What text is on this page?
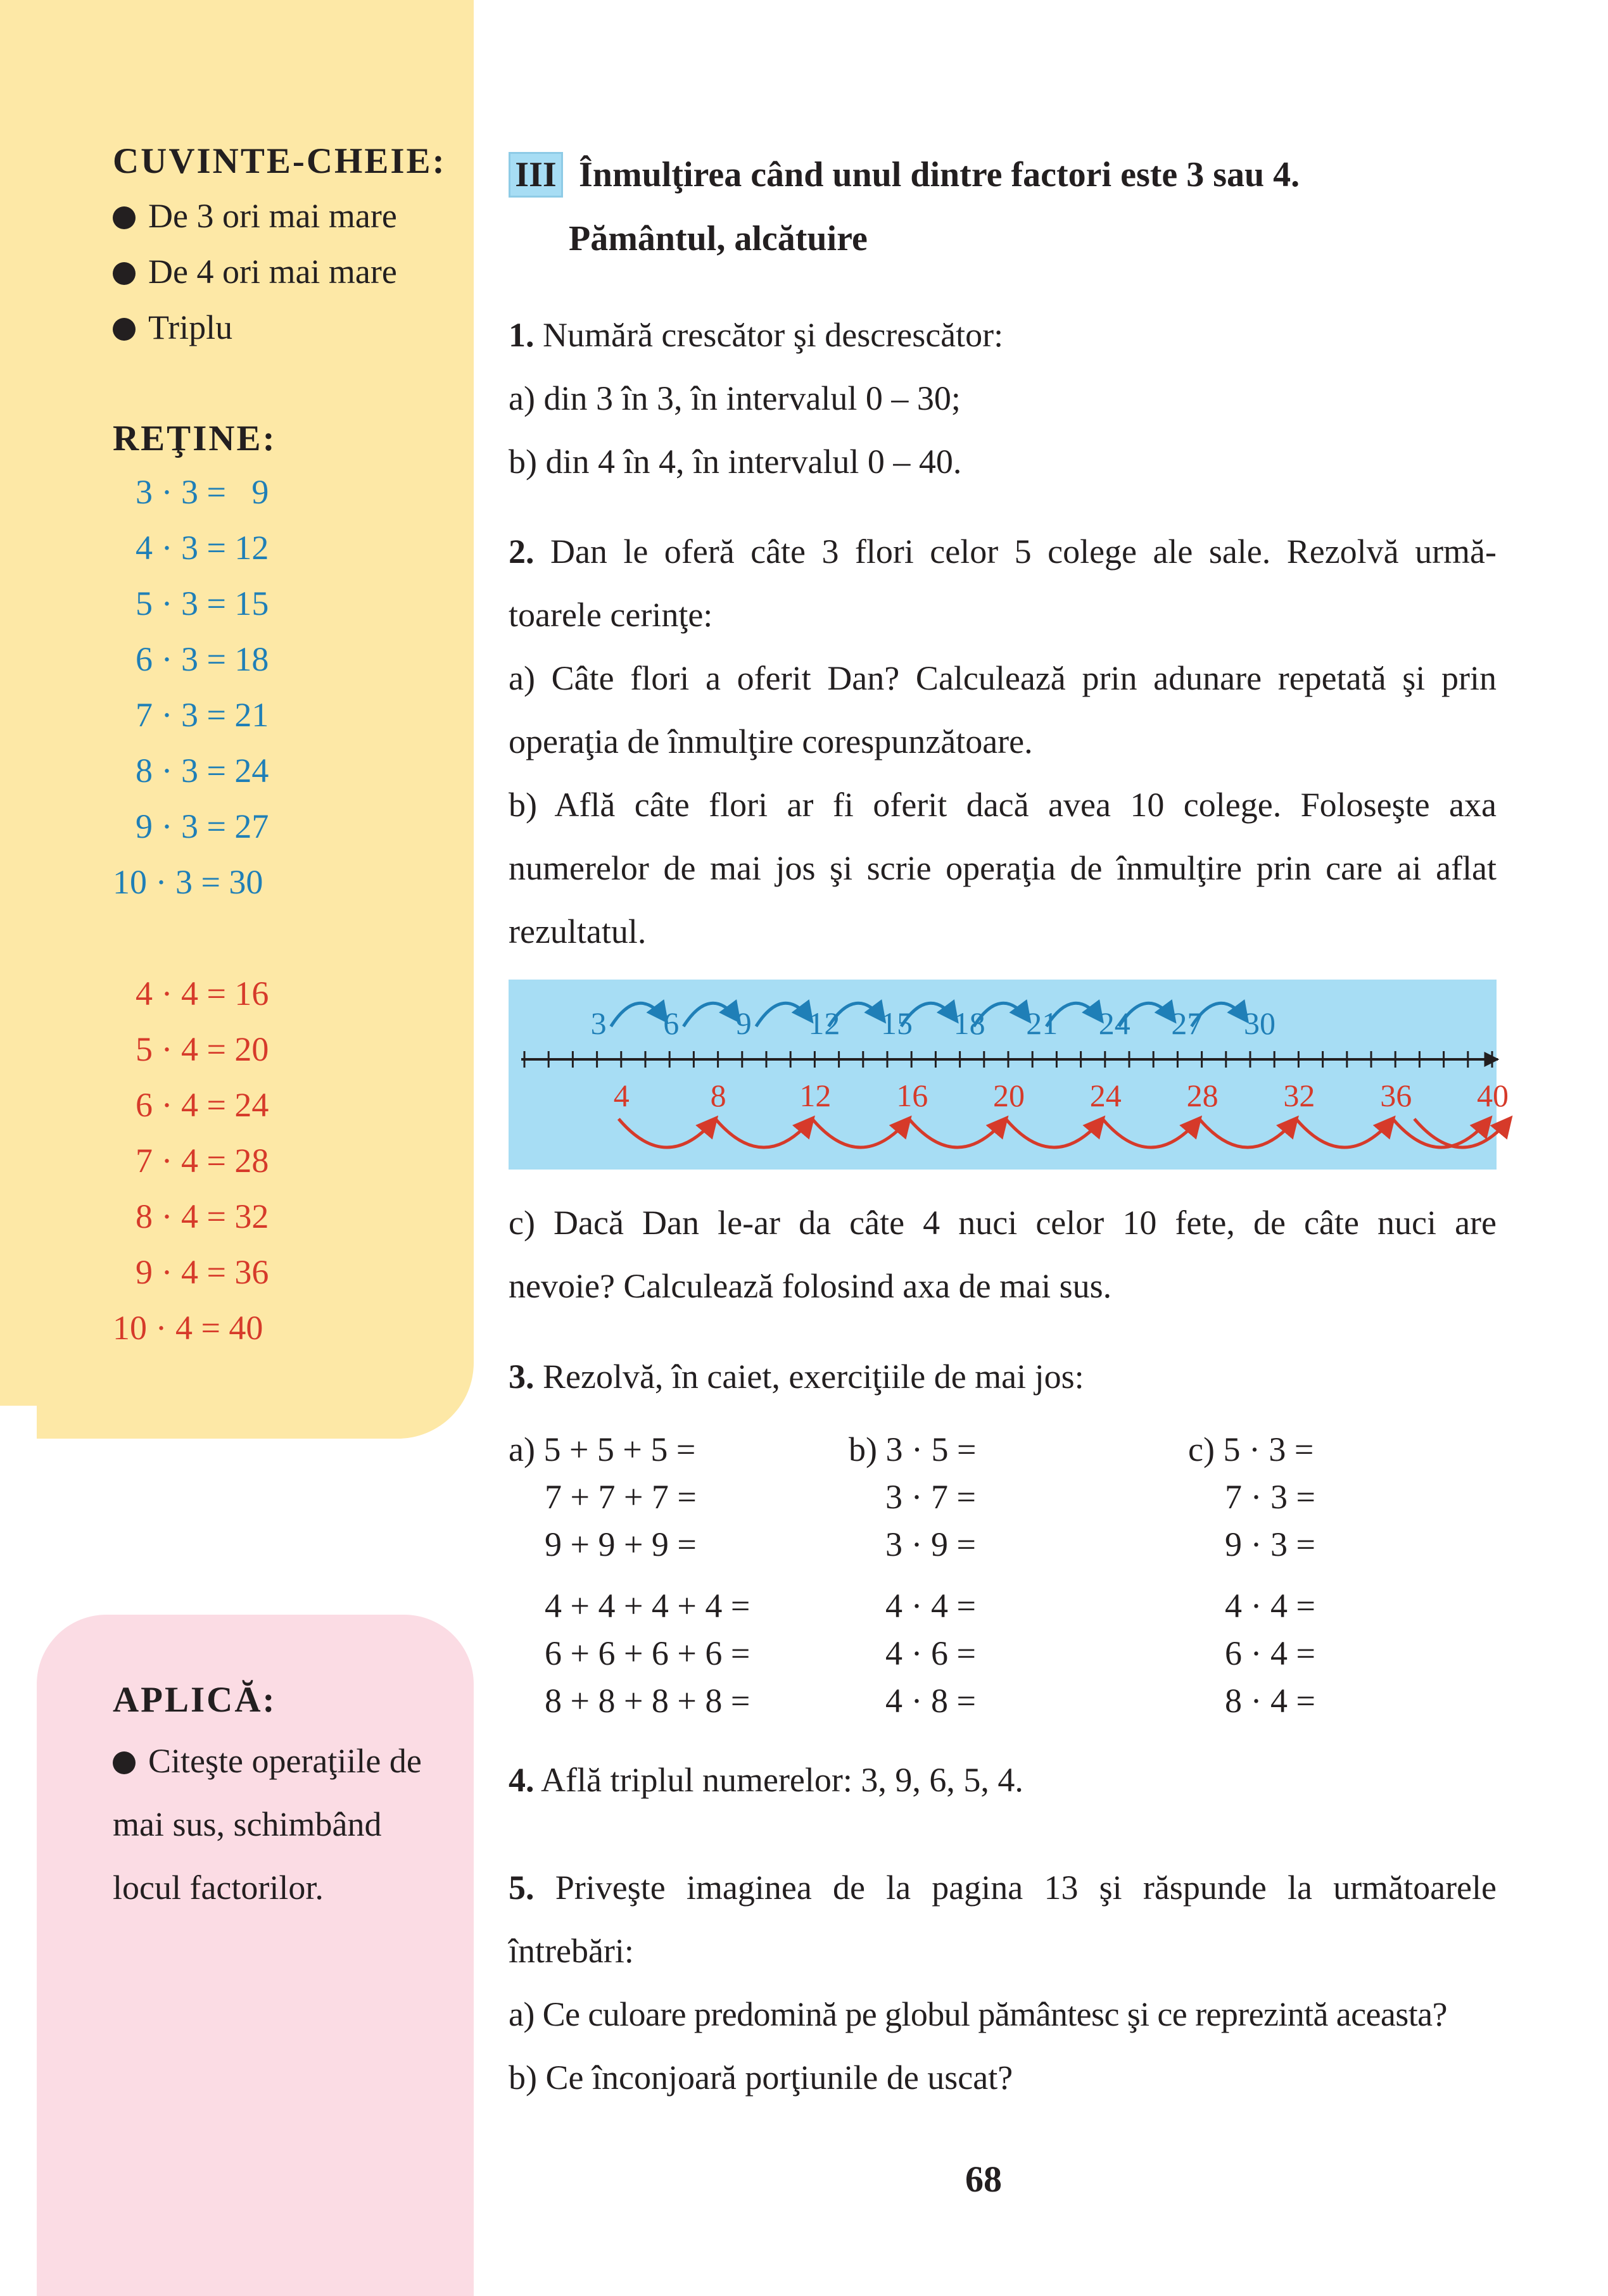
CUVINTE-CHEIE:
De 3 ori mai mare
De 4 ori mai mare
Triplu
REŢINE:
3 · 3 =   9
4 · 3 = 12
5 · 3 = 15
6 · 3 = 18
7 · 3 = 21
8 · 3 = 24
9 · 3 = 27
10 · 3 = 30
4 · 4 = 16
5 · 4 = 20
6 · 4 = 24
7 · 4 = 28
8 · 4 = 32
9 · 4 = 36
10 · 4 = 40
APLICĂ:
Citeşte operaţiile de
mai sus, schimbând
locul factorilor.
III Înmulţirea când unul dintre factori este 3 sau 4.
Pământul, alcătuire
1. Numără crescător şi descrescător:
a) din 3 în 3, în intervalul 0 – 30;
b) din 4 în 4, în intervalul 0 – 40.
2. Dan le oferă câte 3 flori celor 5 colege ale sale. Rezolvă urmă-
toarele cerinţe:
a) Câte flori a oferit Dan? Calculează prin adunare repetată şi prin
operaţia de înmulţire corespunzătoare.
b) Află câte flori ar fi oferit dacă avea 10 colege. Foloseşte axa
numerelor de mai jos şi scrie operaţia de înmulţire prin care ai aflat
rezultatul.
3 6 9 12 15 18 21 24 27 30
4	8 12 16 20 24 28 32 36 40
c) Dacă Dan le-ar da câte 4 nuci celor 10 fete, de câte nuci are
nevoie? Calculează folosind axa de mai sus.
3. Rezolvă, în caiet, exerciţiile de mai jos:
a) 5 + 5 + 5 =
7 + 7 + 7 =
9 + 9 + 9 =
4 + 4 + 4 + 4 =
6 + 6 + 6 + 6 =
8 + 8 + 8 + 8 =
b) 3 · 5 =
3 · 7 =
3 · 9 =
4 · 4 =
4 · 6 =
4 · 8 =
c) 5 · 3 =
7 · 3 =
9 · 3 =
4 · 4 =
6 · 4 =
8 · 4 =
4. Află triplul numerelor: 3, 9, 6, 5, 4.
5. Priveşte imaginea de la pagina 13 şi răspunde la următoarele
întrebări:
a) Ce culoare predomină pe globul pământesc şi ce reprezintă aceasta?
b) Ce înconjoară porţiunile de uscat?
68
